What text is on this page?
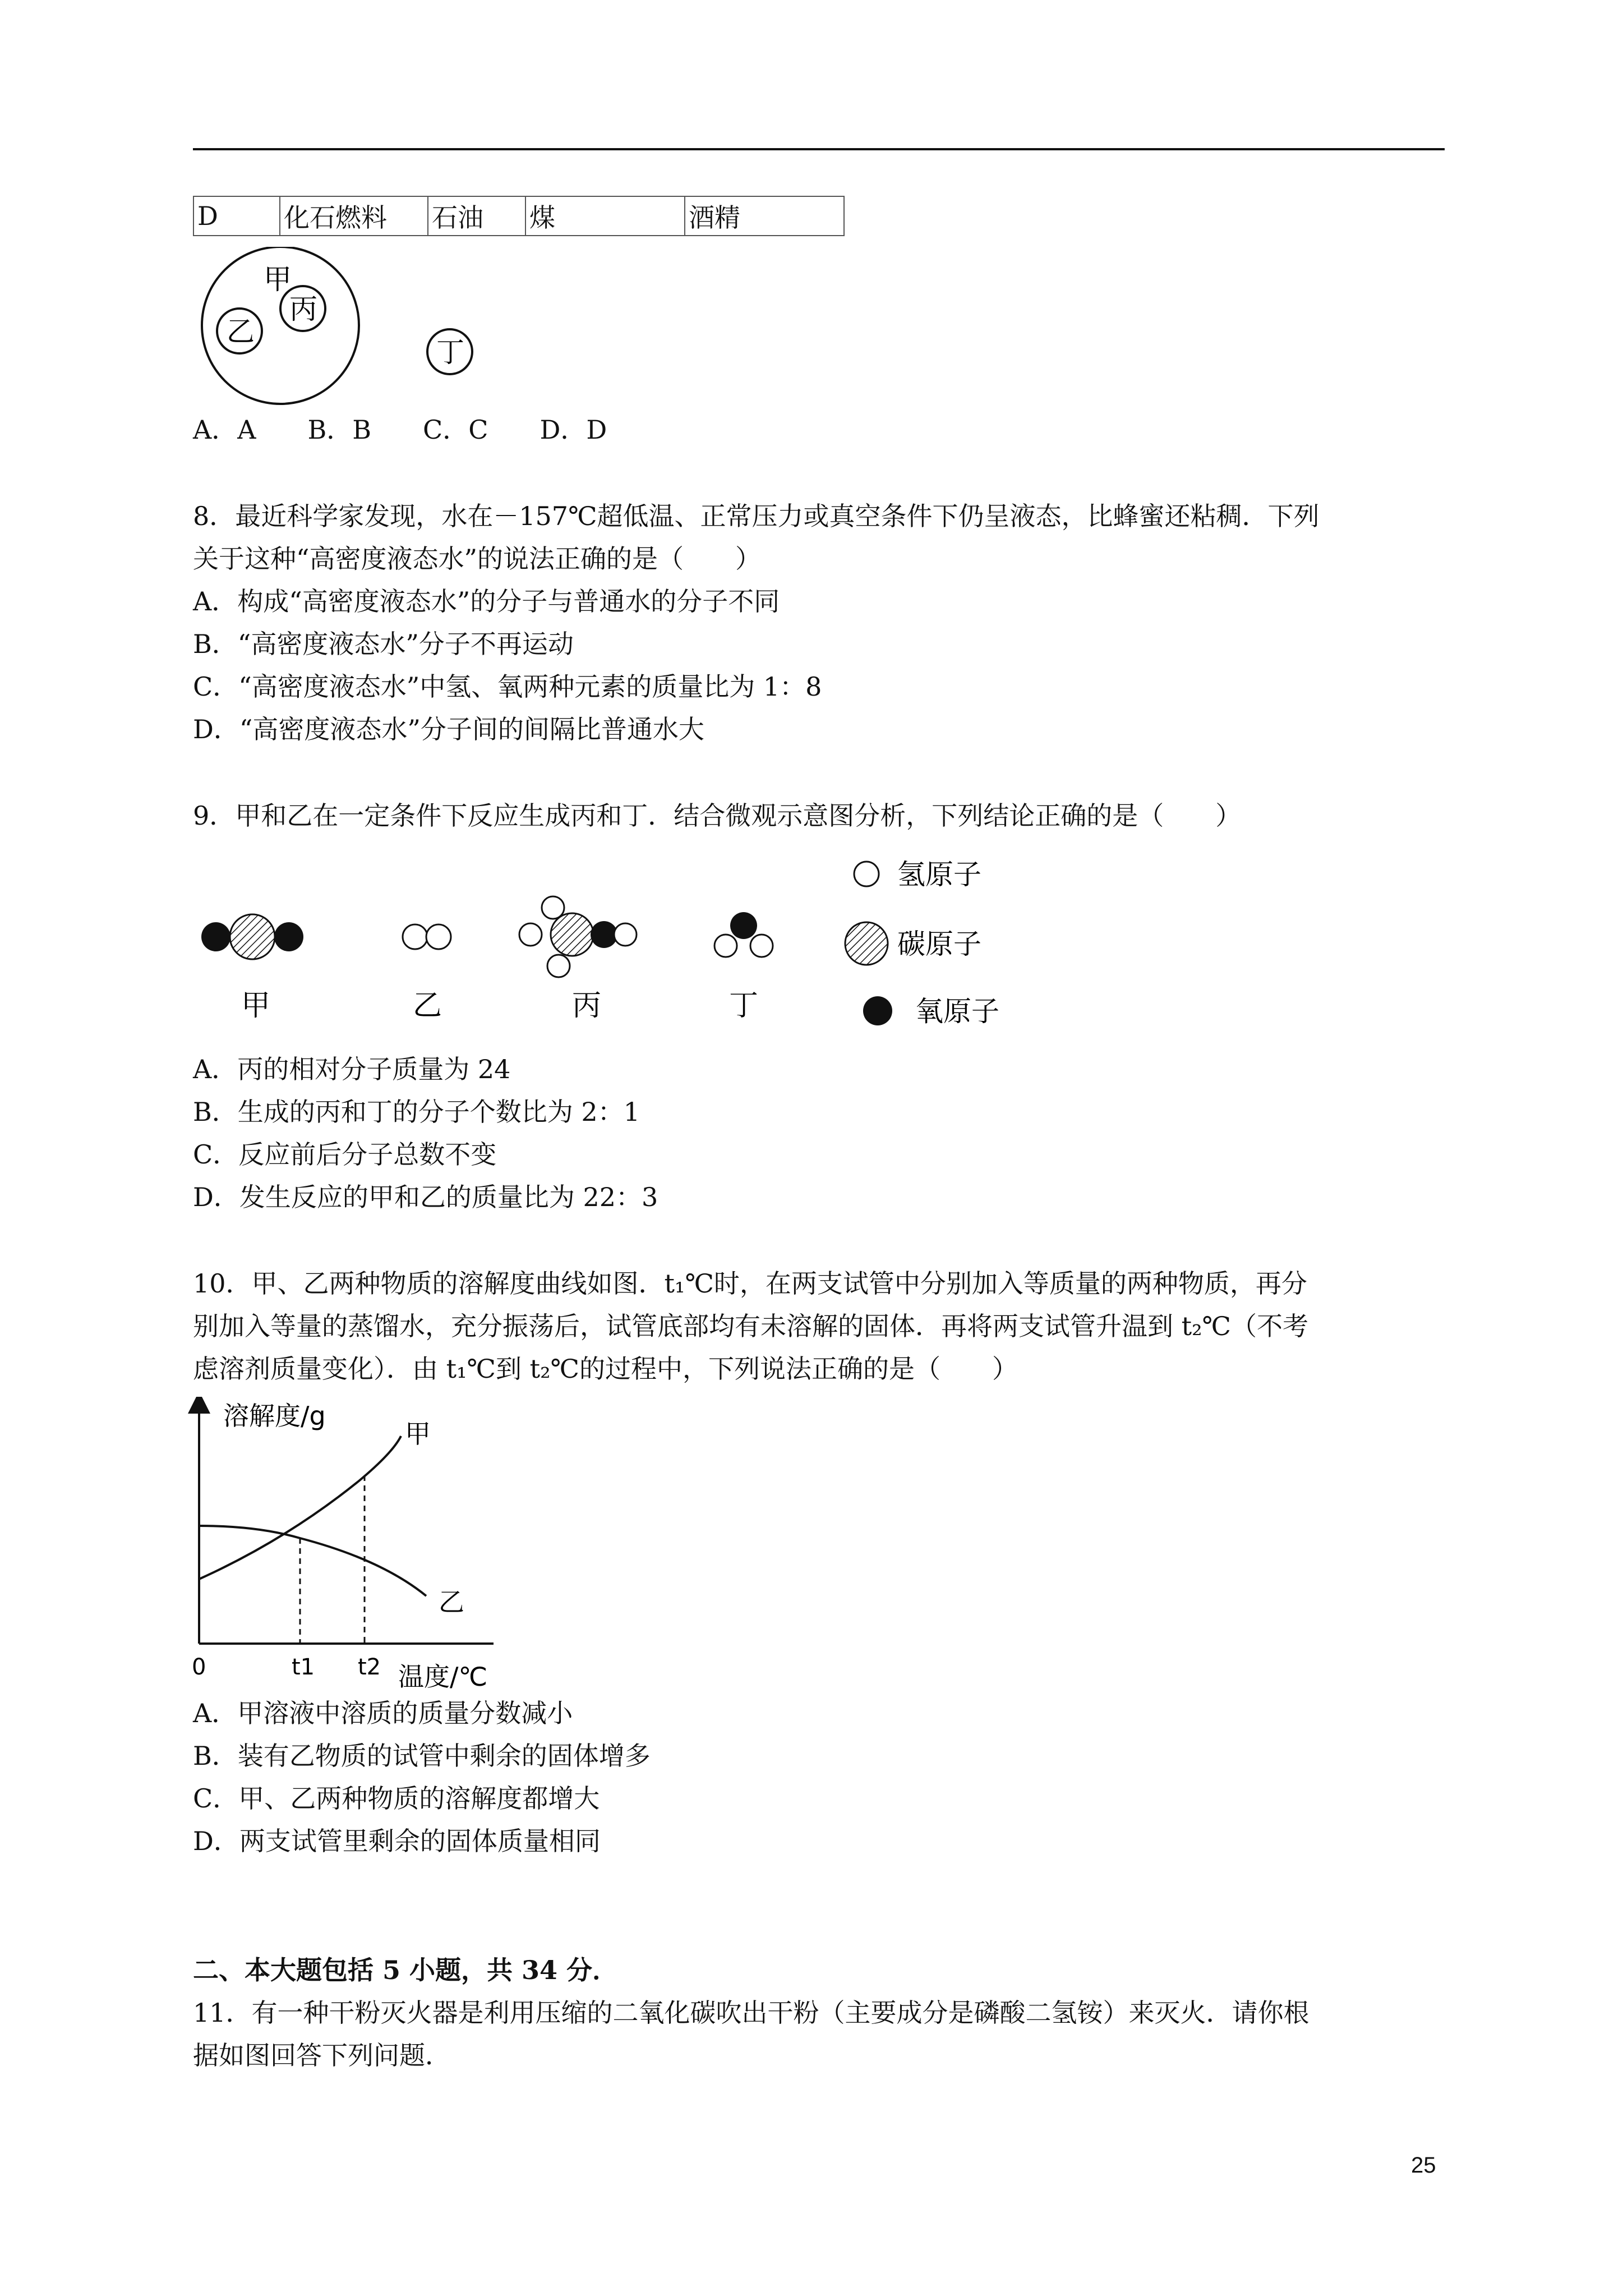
D	化石燃料	石油	煤	酒精
甲
乙
丙
丁
A．A　　B．B　　C．C　　D．D
8．最近科学家发现，水在－157℃超低温、正常压力或真空条件下仍呈液态，比蜂蜜还粘稠．下列
关于这种“高密度液态水”的说法正确的是（　　）
A．构成“高密度液态水”的分子与普通水的分子不同
B．“高密度液态水”分子不再运动
C．“高密度液态水”中氢、氧两种元素的质量比为 1：8
D．“高密度液态水”分子间的间隔比普通水大
9．甲和乙在一定条件下反应生成丙和丁．结合微观示意图分析，下列结论正确的是（　　）
甲	乙	丙	丁
氢原子
碳原子
氧原子
A．丙的相对分子质量为 24
B．生成的丙和丁的分子个数比为 2：1
C．反应前后分子总数不变
D．发生反应的甲和乙的质量比为 22：3
10．甲、乙两种物质的溶解度曲线如图．t₁℃时，在两支试管中分别加入等质量的两种物质，再分
别加入等量的蒸馏水，充分振荡后，试管底部均有未溶解的固体．再将两支试管升温到 t₂℃（不考
虑溶剂质量变化）．由 t₁℃到 t₂℃的过程中，下列说法正确的是（　　）
溶解度/g
0	t1 t2 温度/℃
甲
乙
A．甲溶液中溶质的质量分数减小
B．装有乙物质的试管中剩余的固体增多
C．甲、乙两种物质的溶解度都增大
D．两支试管里剩余的固体质量相同
二、本大题包括 5 小题，共 34 分．
11．有一种干粉灭火器是利用压缩的二氧化碳吹出干粉（主要成分是磷酸二氢铵）来灭火．请你根
据如图回答下列问题．
25
